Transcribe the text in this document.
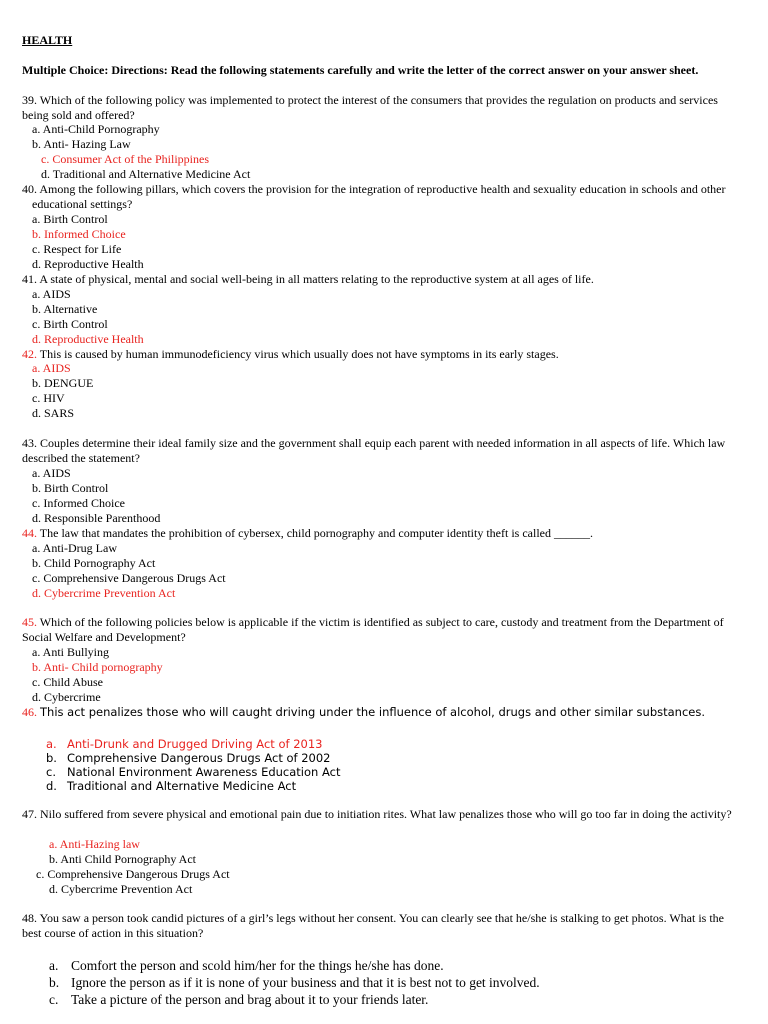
HEALTH
Multiple Choice: Directions: Read the following statements carefully and write the letter of the correct answer on your answer sheet.
39. Which of the following policy was implemented to protect the interest of the consumers that provides the regulation on products and services being sold and offered?
a. Anti-Child Pornography
b. Anti- Hazing Law
c. Consumer Act of the Philippines
d. Traditional and Alternative Medicine Act
40. Among the following pillars, which covers the provision for the integration of reproductive health and sexuality education in schools and other educational settings?
a. Birth Control
b. Informed Choice
c. Respect for Life
d. Reproductive Health
41. A state of physical, mental and social well-being in all matters relating to the reproductive system at all ages of life.
a. AIDS
b. Alternative
c. Birth Control
d. Reproductive Health
42. This is caused by human immunodeficiency virus which usually does not have symptoms in its early stages.
a. AIDS
b. DENGUE
c. HIV
d. SARS
43. Couples determine their ideal family size and the government shall equip each parent with needed information in all aspects of life. Which law described the statement?
a. AIDS
b. Birth Control
c. Informed Choice
d. Responsible Parenthood
44. The law that mandates the prohibition of cybersex, child pornography and computer identity theft is called ______.
a. Anti-Drug Law
b. Child Pornography Act
c. Comprehensive Dangerous Drugs Act
d. Cybercrime Prevention Act
45. Which of the following policies below is applicable if the victim is identified as subject to care, custody and treatment from the Department of Social Welfare and Development?
a. Anti Bullying
b. Anti- Child pornography
c. Child Abuse
d. Cybercrime
46. This act penalizes those who will caught driving under the influence of alcohol, drugs and other similar substances.
a. Anti-Drunk and Drugged Driving Act of 2013
b. Comprehensive Dangerous Drugs Act of 2002
c. National Environment Awareness Education Act
d. Traditional and Alternative Medicine Act
47. Nilo suffered from severe physical and emotional pain due to initiation rites. What law penalizes those who will go too far in doing the activity?
a. Anti-Hazing law
b. Anti Child Pornography Act
c. Comprehensive Dangerous Drugs Act
d. Cybercrime Prevention Act
48. You saw a person took candid pictures of a girl’s legs without her consent. You can clearly see that he/she is stalking to get photos. What is the best course of action in this situation?
a. Comfort the person and scold him/her for the things he/she has done.
b. Ignore the person as if it is none of your business and that it is best not to get involved.
c. Take a picture of the person and brag about it to your friends later.
